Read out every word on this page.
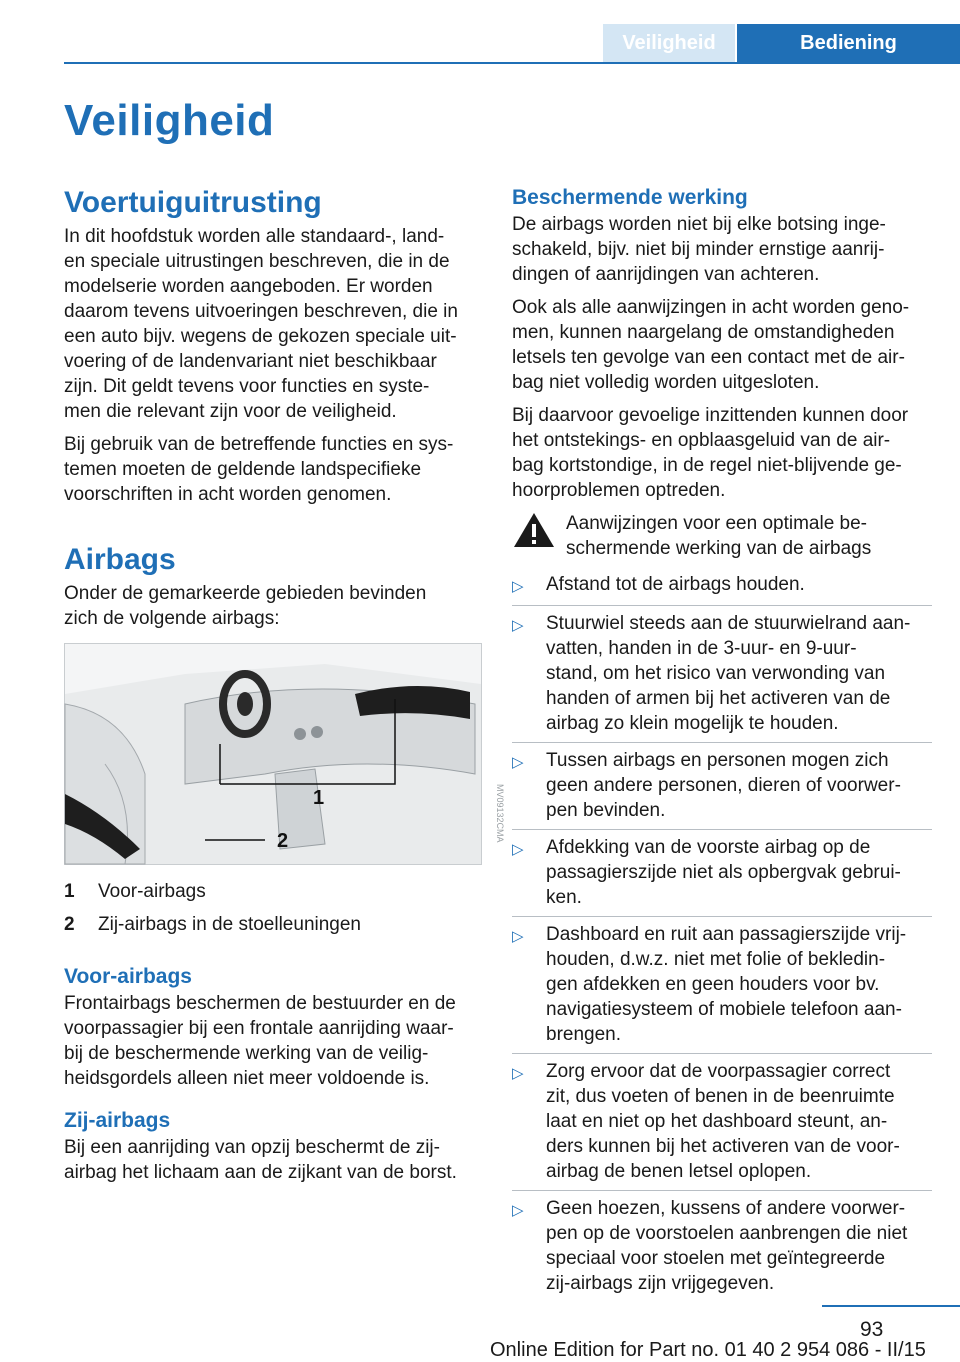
Veiligheid	Bediening
Veiligheid
Voertuiguitrusting

In dit hoofdstuk worden alle standaard-, land‐
en speciale uitrustingen beschreven, die in de
modelserie worden aangeboden. Er worden
daarom tevens uitvoeringen beschreven, die in
een auto bijv. wegens de gekozen speciale uit‐
voering of de landenvariant niet beschikbaar
zijn. Dit geldt tevens voor functies en syste‐
men die relevant zijn voor de veiligheid.

Bij gebruik van de betreffende functies en sys‐
temen moeten de geldende landspecifieke
voorschriften in acht worden genomen.

Airbags

Onder de gemarkeerde gebieden bevinden
zich de volgende airbags:

1
2	MV09132CMA
1	Voor-airbags
2	Zij-airbags in de stoelleuningen
Voor-airbags

Frontairbags beschermen de bestuurder en de
voorpassagier bij een frontale aanrijding waar‐
bij de beschermende werking van de veilig‐
heidsgordels alleen niet meer voldoende is.

Zij-airbags

Bij een aanrijding van opzij beschermt de zij‐
airbag het lichaam aan de zijkant van de borst.

Beschermende werking

De airbags worden niet bij elke botsing inge‐
schakeld, bijv. niet bij minder ernstige aanrij‐
dingen of aanrijdingen van achteren.

Ook als alle aanwijzingen in acht worden geno‐
men, kunnen naargelang de omstandigheden
letsels ten gevolge van een contact met de air‐
bag niet volledig worden uitgesloten.

Bij daarvoor gevoelige inzittenden kunnen door
het ontstekings- en opblaasgeluid van de air‐
bag kortstondige, in de regel niet-blijvende ge‐
hoorproblemen optreden.

Aanwijzingen voor een optimale be‐
schermende werking van de airbags
▷	Afstand tot de airbags houden.
▷	Stuurwiel steeds aan de stuurwielrand aan‐
vatten, handen in de 3-uur- en 9-uur-
stand, om het risico van verwonding van
handen of armen bij het activeren van de
airbag zo klein mogelijk te houden.
▷	Tussen airbags en personen mogen zich
geen andere personen, dieren of voorwer‐
pen bevinden.
▷	Afdekking van de voorste airbag op de
passagierszijde niet als opbergvak gebrui‐
ken.
▷	Dashboard en ruit aan passagierszijde vrij‐
houden, d.w.z. niet met folie of bekledin‐
gen afdekken en geen houders voor bv.
navigatiesysteem of mobiele telefoon aan‐
brengen.
▷	Zorg ervoor dat de voorpassagier correct
zit, dus voeten of benen in de beenruimte
laat en niet op het dashboard steunt, an‐
ders kunnen bij het activeren van de voor‐
airbag de benen letsel oplopen.
▷	Geen hoezen, kussens of andere voorwer‐
pen op de voorstoelen aanbrengen die niet
speciaal voor stoelen met geïntegreerde
zij-airbags zijn vrijgegeven.
93
Online Edition for Part no. 01 40 2 954 086 - II/15
